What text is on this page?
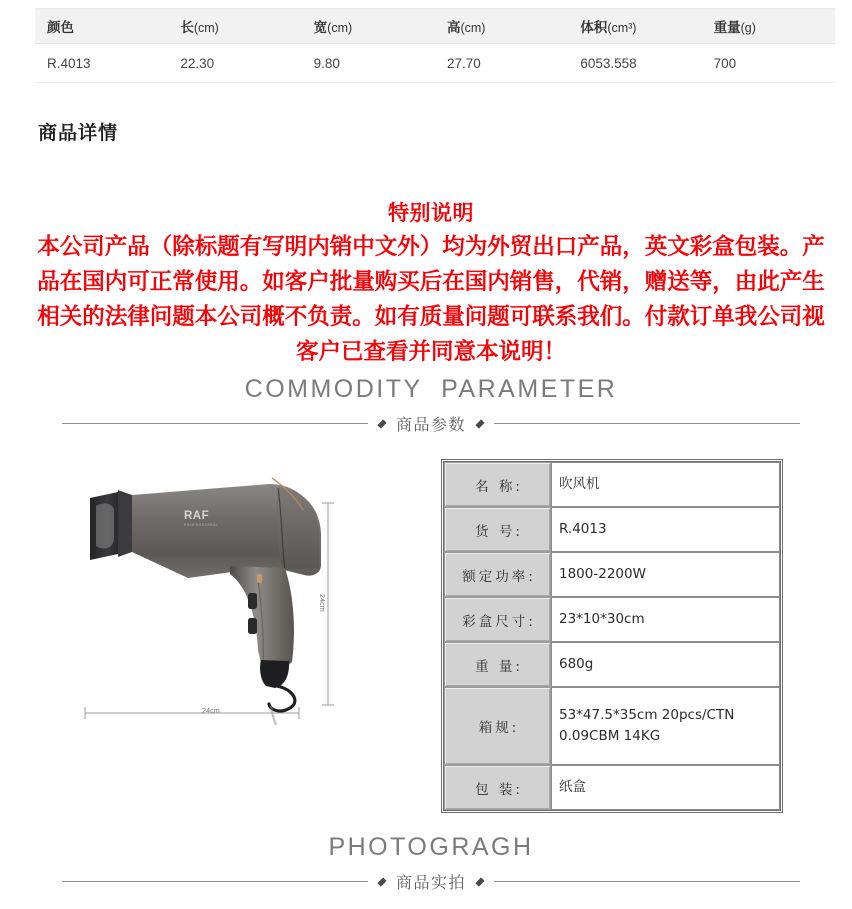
颜色	长(cm)	宽(cm)	高(cm)	体积(cm³)	重量(g)
R.4013	22.30	9.80	27.70	6053.558	700
商品详情
特别说明
本公司产品（除标题有写明内销中文外）均为外贸出口产品，英文彩盒包装。产品在国内可正常使用。如客户批量购买后在国内销售，代销，赠送等，由此产生相关的法律问题本公司概不负责。如有质量问题可联系我们。付款订单我公司视客户已查看并同意本说明！
COMMODITY  PARAMETER
商品参数
RAF
PROFESSIONAL
24cm
24cm
名 称:	吹风机
货 号:	R.4013
额定功率:	1800-2200W
彩盒尺寸:	23*10*30cm
重 量:	680g
箱规:	53*47.5*35cm 20pcs/CTN
0.09CBM 14KG

包 装:	纸盒
PHOTOGRAGH
商品实拍
